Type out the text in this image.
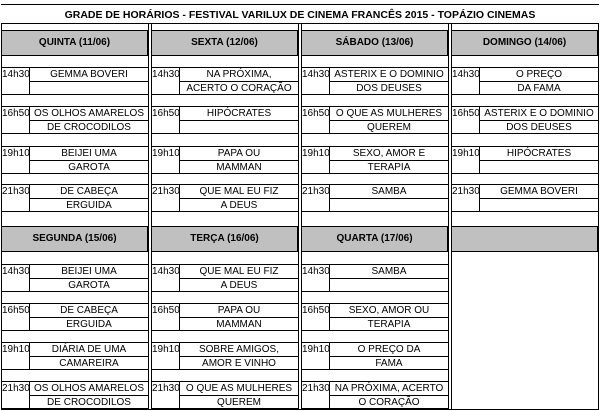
GRADE DE HORÁRIOS - FESTIVAL VARILUX DE CINEMA FRANCÊS 2015 - TOPÁZIO CINEMAS
QUINTA (11/06)
14h30	GEMMA BOVERI
16h50 OS OLHOS AMARELOS
DE CROCODILOS
19h10	BEIJEI UMA
GAROTA
21h30	DE CABEÇA
ERGUIDA
SEXTA (12/06)
14h30	NA PRÓXIMA,
ACERTO O CORAÇÃO
16h50	HIPÓCRATES
19h10	PAPA OU
MAMMAN
21h30	QUE MAL EU FIZ
A DEUS
SÁBADO (13/06)
14h30 ASTERIX E O DOMINIO
DOS DEUSES
16h50 O QUE AS MULHERES
QUEREM
19h10	SEXO, AMOR E
TERAPIA
21h30	SAMBA
DOMINGO (14/06)
14h30	O PREÇO
DA FAMA
16h50 ASTERIX E O DOMINIO
DOS DEUSES
19h10	HIPÓCRATES
21h30	GEMMA BOVERI
SEGUNDA (15/06)
14h30	BEIJEI UMA
GAROTA
16h50	DE CABEÇA
ERGUIDA
19h10	DIÁRIA DE UMA
CAMAREIRA
21h30 OS OLHOS AMARELOS
DE CROCODILOS
TERÇA (16/06)
14h30	QUE MAL EU FIZ
A DEUS
16h50	PAPA OU
MAMMAN
19h10	SOBRE AMIGOS,
AMOR E VINHO
21h30 O QUE AS MULHERES
QUEREM
QUARTA (17/06)
14h30	SAMBA
16h50	SEXO, AMOR OU
TERAPIA
19h10	O PREÇO DA
FAMA
21h30 NA PRÓXIMA, ACERTO
O CORAÇÃO
